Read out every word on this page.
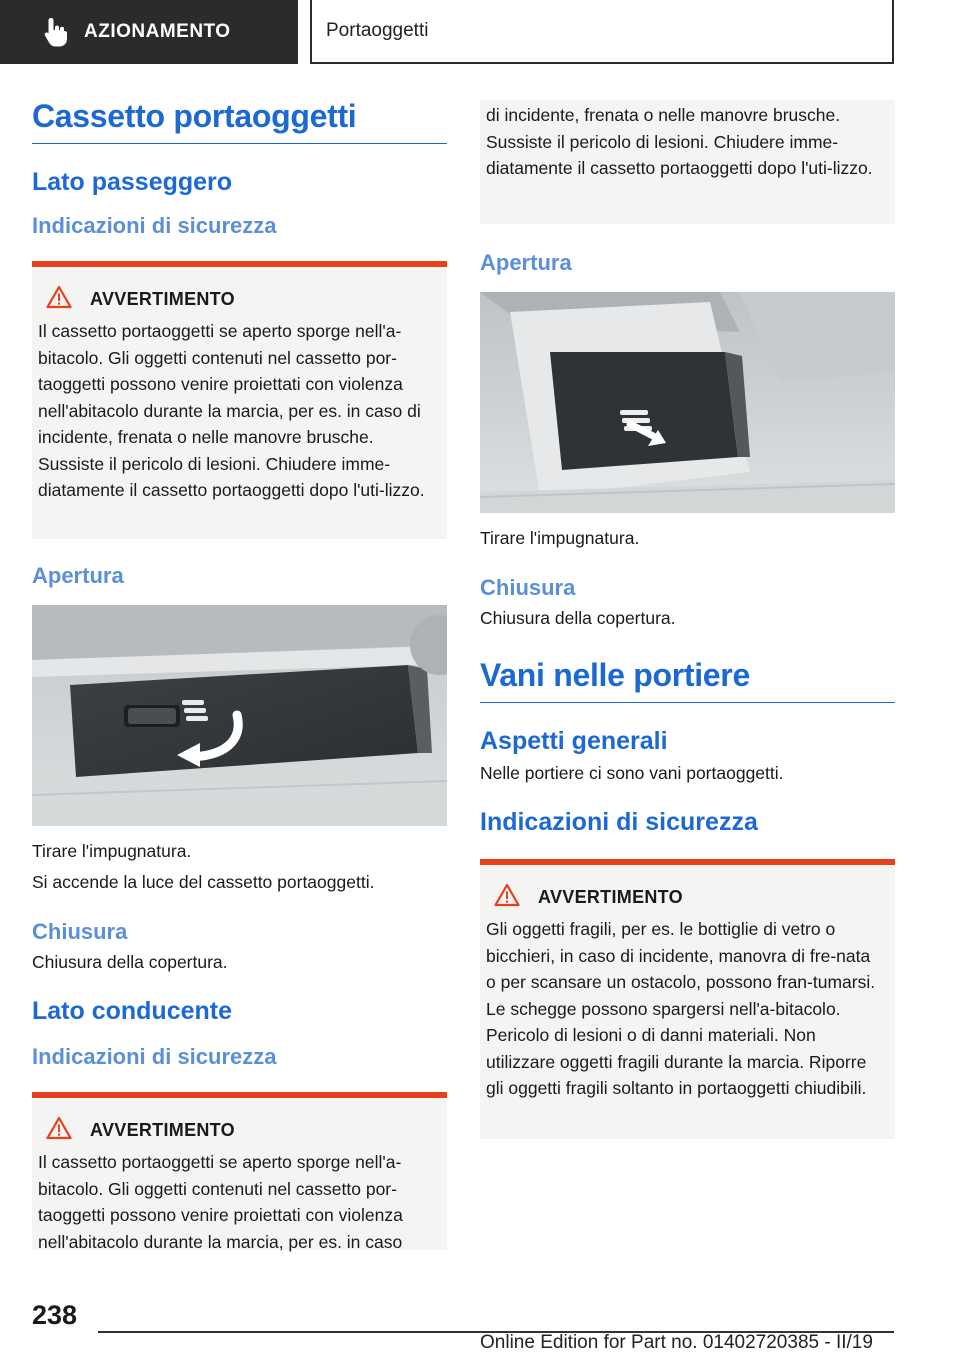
AZIONAMENTO	Portaoggetti
Cassetto portaoggetti
Lato passeggero
Indicazioni di sicurezza
AVVERTIMENTO

Il cassetto portaoggetti se aperto sporge nell'a-bitacolo. Gli oggetti contenuti nel cassetto por-taoggetti possono venire proiettati con violenza nell'abitacolo durante la marcia, per es. in caso di incidente, frenata o nelle manovre brusche. Sussiste il pericolo di lesioni. Chiudere imme-diatamente il cassetto portaoggetti dopo l'uti-lizzo.

Apertura

Tirare l'impugnatura.

Si accende la luce del cassetto portaoggetti.

Chiusura

Chiusura della copertura.

Lato conducente
Indicazioni di sicurezza
AVVERTIMENTO

Il cassetto portaoggetti se aperto sporge nell'a-bitacolo. Gli oggetti contenuti nel cassetto por-taoggetti possono venire proiettati con violenza nell'abitacolo durante la marcia, per es. in caso

di incidente, frenata o nelle manovre brusche. Sussiste il pericolo di lesioni. Chiudere imme-diatamente il cassetto portaoggetti dopo l'uti-lizzo.

Apertura

Tirare l'impugnatura.

Chiusura

Chiusura della copertura.

Vani nelle portiere
Aspetti generali

Nelle portiere ci sono vani portaoggetti.

Indicazioni di sicurezza
AVVERTIMENTO

Gli oggetti fragili, per es. le bottiglie di vetro o bicchieri, in caso di incidente, manovra di fre-nata o per scansare un ostacolo, possono fran-tumarsi. Le schegge possono spargersi nell'a-bitacolo. Pericolo di lesioni o di danni materiali. Non utilizzare oggetti fragili durante la marcia. Riporre gli oggetti fragili soltanto in portaoggetti chiudibili.

238
Online Edition for Part no. 01402720385 - II/19
